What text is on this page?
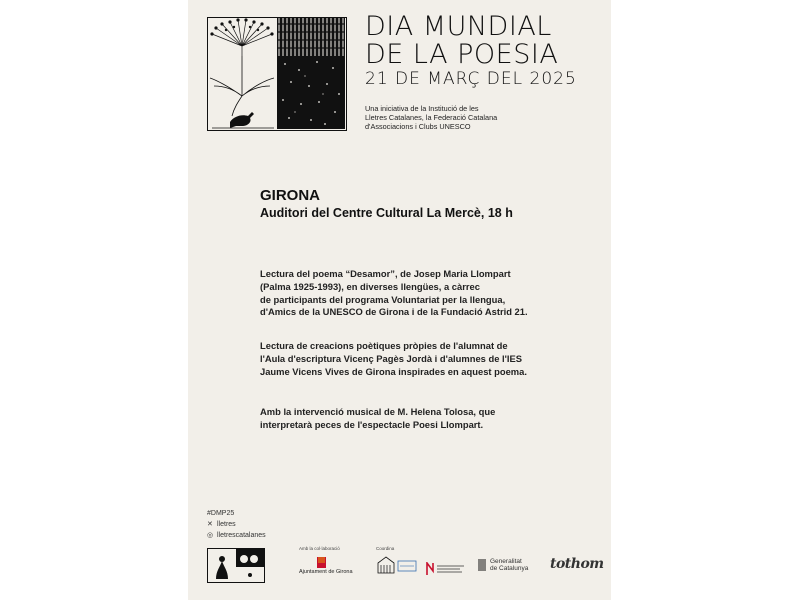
DIA MUNDIAL
DE LA POESIA
21 DE MARÇ DEL 2025
Una iniciativa de la Institució de les
Lletres Catalanes, la Federació Catalana
d'Associacions i Clubs UNESCO
GIRONA
Auditori del Centre Cultural La Mercè, 18 h
Lectura del poema “Desamor”, de Josep Maria Llompart
(Palma 1925-1993), en diverses llengües, a càrrec
de participants del programa Voluntariat per la llengua,
d'Amics de la UNESCO de Girona i de la Fundació Astrid 21.
Lectura de creacions poètiques pròpies de l'alumnat de
l'Aula d'escriptura Vicenç Pagès Jordà i d'alumnes de l'IES
Jaume Vicens Vives de Girona inspirades en aquest poema.
Amb la intervenció musical de M. Helena Tolosa, que
interpretarà peces de l'espectacle Poesi Llompart.
#DMP25
✕ lletres
◎ lletrescatalanes
Amb la col·laboració
Ajuntament de Girona
Coordina
Generalitat
de Catalunya tothom
